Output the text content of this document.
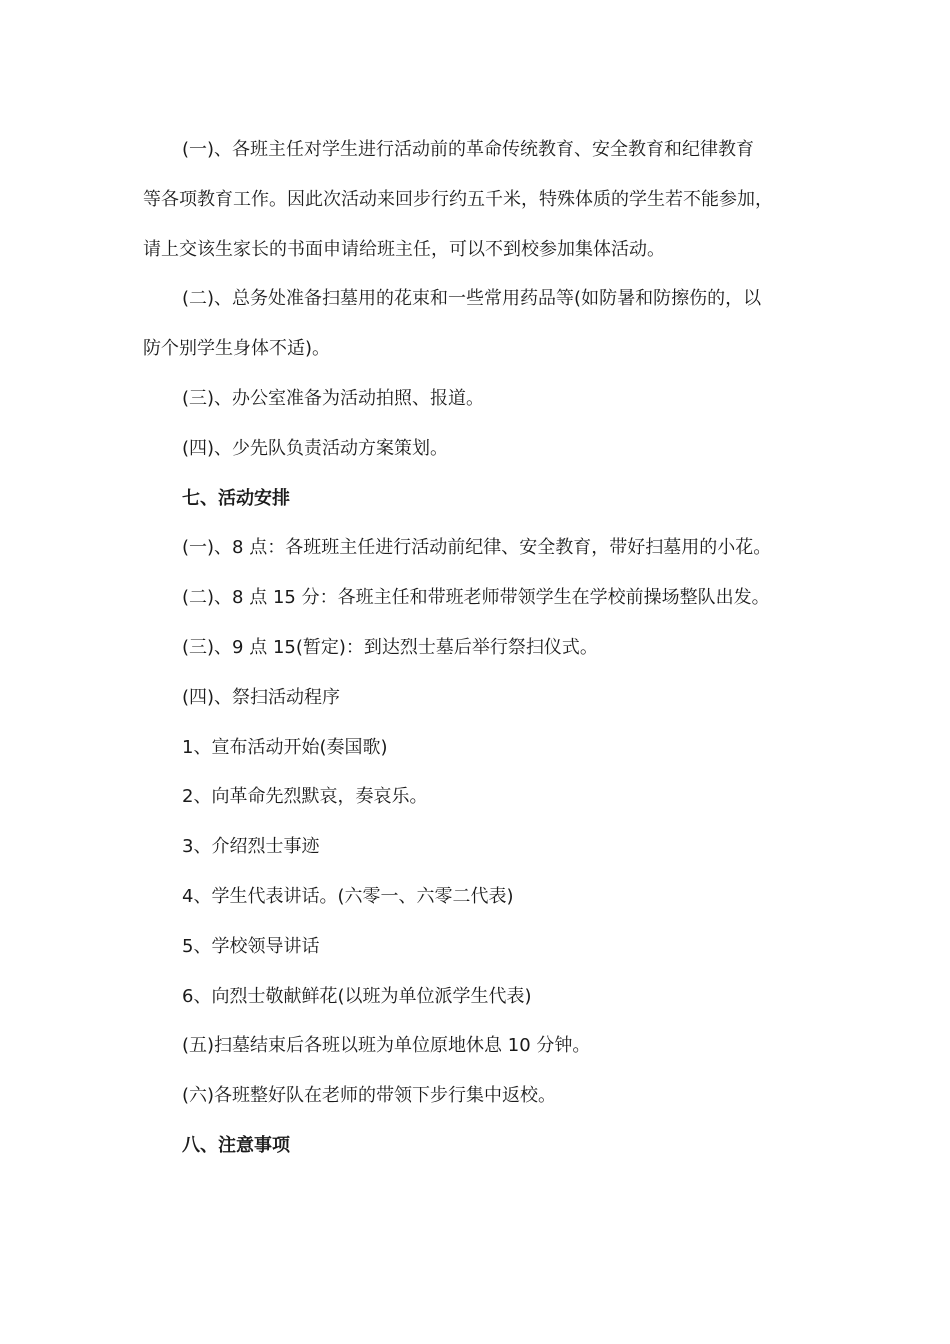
(一)、各班主任对学生进行活动前的革命传统教育、安全教育和纪律教育
等各项教育工作。因此次活动来回步行约五千米，特殊体质的学生若不能参加，
请上交该生家长的书面申请给班主任，可以不到校参加集体活动。
(二)、总务处准备扫墓用的花束和一些常用药品等(如防暑和防擦伤的，以
防个别学生身体不适)。
(三)、办公室准备为活动拍照、报道。
(四)、少先队负责活动方案策划。
七、活动安排
(一)、8 点：各班班主任进行活动前纪律、安全教育，带好扫墓用的小花。
(二)、8 点 15 分：各班主任和带班老师带领学生在学校前操场整队出发。
(三)、9 点 15(暂定)：到达烈士墓后举行祭扫仪式。
(四)、祭扫活动程序
1、宣布活动开始(奏国歌)
2、向革命先烈默哀，奏哀乐。
3、介绍烈士事迹
4、学生代表讲话。(六零一、六零二代表)
5、学校领导讲话
6、向烈士敬献鲜花(以班为单位派学生代表)
(五)扫墓结束后各班以班为单位原地休息 10 分钟。
(六)各班整好队在老师的带领下步行集中返校。
八、注意事项
